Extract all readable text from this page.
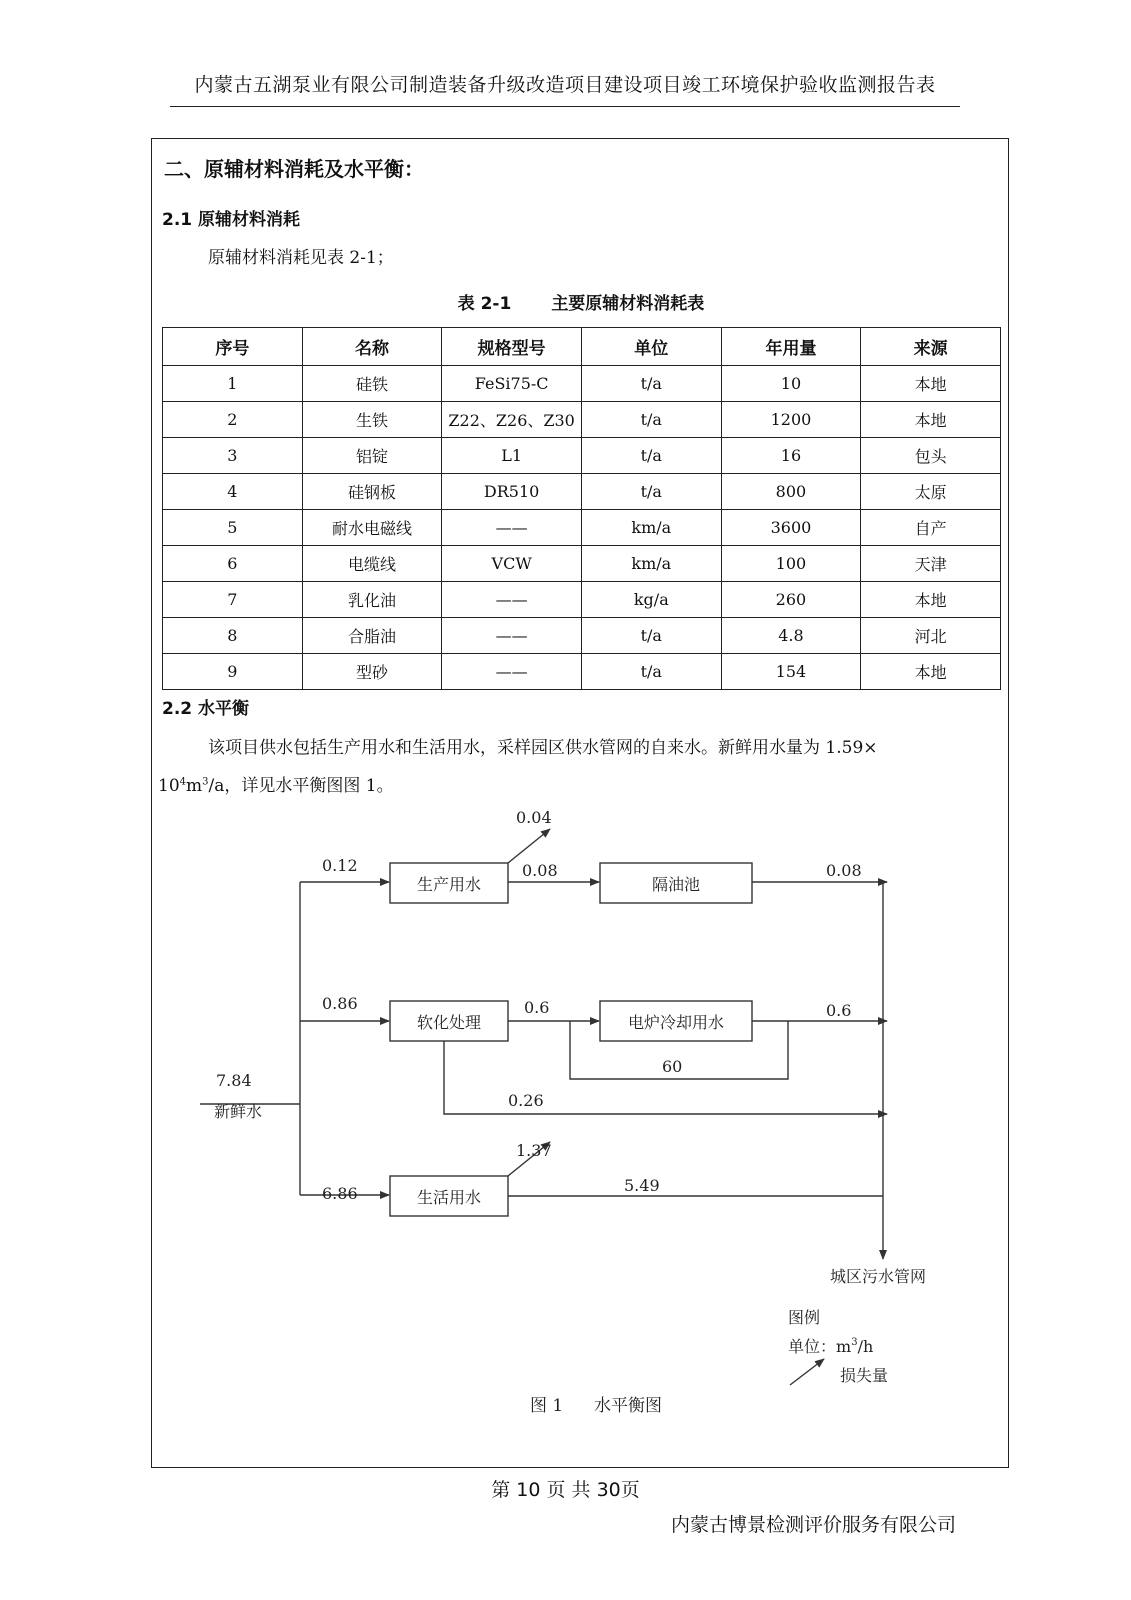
内蒙古五湖泵业有限公司制造装备升级改造项目建设项目竣工环境保护验收监测报告表
二、原辅材料消耗及水平衡：
2.1 原辅材料消耗
原辅材料消耗见表 2-1；
表 2-1 主要原辅材料消耗表
序号	名称	规格型号	单位	年用量	来源
1	硅铁	FeSi75-C	t/a	10	本地
2	生铁	Z22、Z26、Z30	t/a	1200	本地
3	铝锭	L1	t/a	16	包头
4	硅钢板	DR510	t/a	800	太原
5	耐水电磁线	——	km/a	3600	自产
6	电缆线	VCW	km/a	100	天津
7	乳化油	——	kg/a	260	本地
8	合脂油	——	t/a	4.8	河北
9	型砂	——	t/a	154	本地
2.2 水平衡
该项目供水包括生产用水和生活用水，采样园区供水管网的自来水。新鲜用水量为 1.59×
$10^4m^3/a$，详见水平衡图图 1。
生产用水	隔油池
软化处理	电炉冷却用水
生活用水
7.84
新鲜水
0.12
0.04
0.08	0.08
0.86	0.6	0.6
60
0.26
6.86
1.37
5.49
城区污水管网
图例
单位：$m^3/h$
损失量
图 1 水平衡图
第 10 页 共 30页
内蒙古博景检测评价服务有限公司
